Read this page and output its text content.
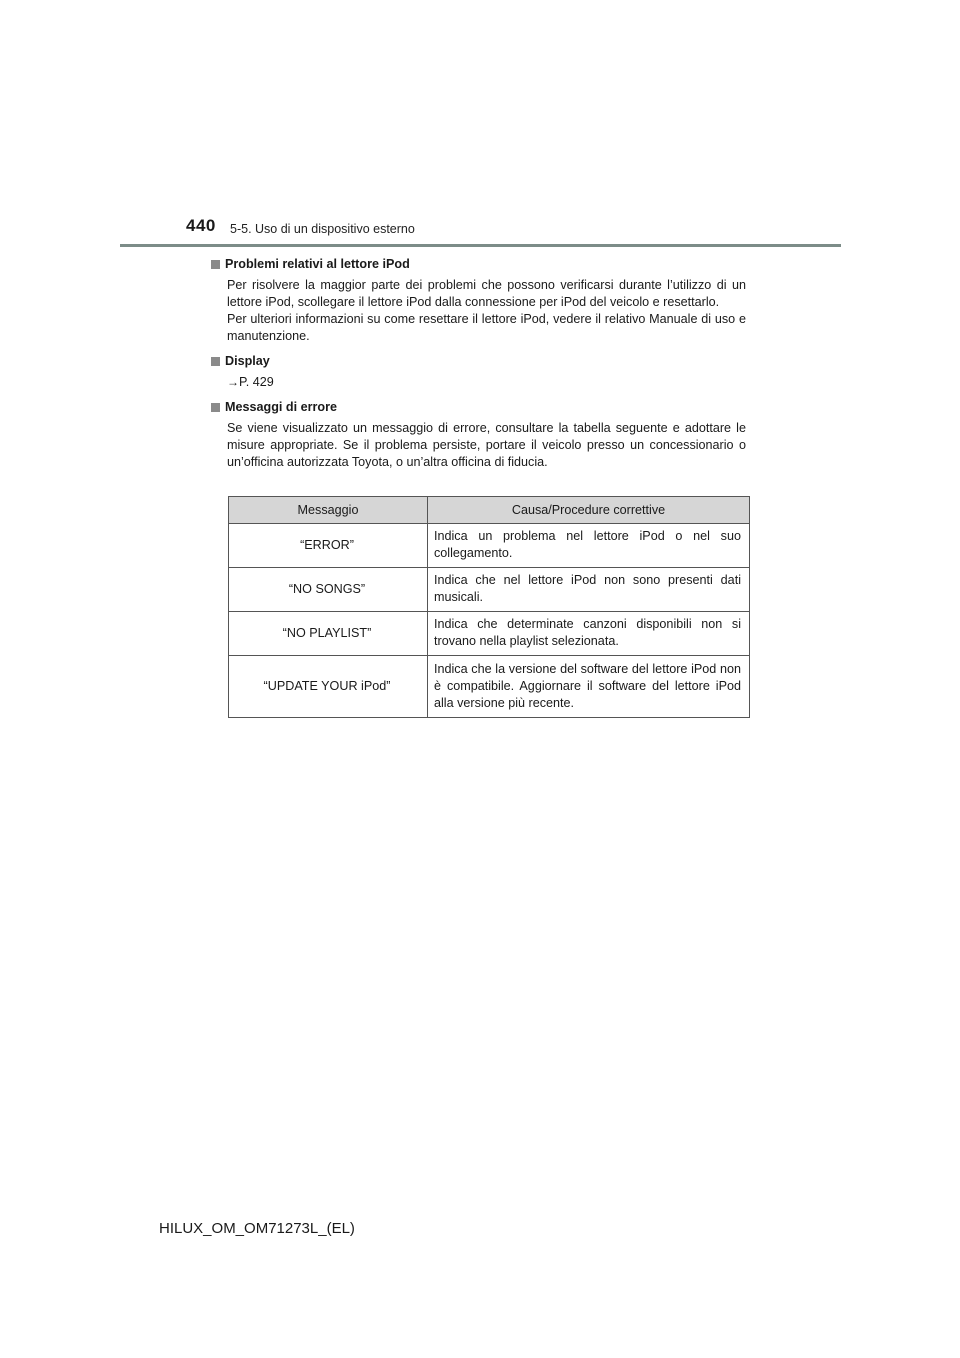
440 5-5. Uso di un dispositivo esterno
Problemi relativi al lettore iPod

Per risolvere la maggior parte dei problemi che possono verificarsi durante l’utilizzo di un lettore iPod, scollegare il lettore iPod dalla connessione per iPod del veicolo e resettarlo.

Per ulteriori informazioni su come resettare il lettore iPod, vedere il relativo Manuale di uso e manutenzione.

Display

→P. 429

Messaggi di errore

Se viene visualizzato un messaggio di errore, consultare la tabella seguente e adottare le misure appropriate. Se il problema persiste, portare il veicolo presso un concessionario o un’officina autorizzata Toyota, o un’altra officina di fiducia.

Messaggio	Causa/Procedure correttive
“ERROR”	Indica un problema nel lettore iPod o nel suo collegamento.
“NO SONGS”	Indica che nel lettore iPod non sono presenti dati musicali.
“NO PLAYLIST”	Indica che determinate canzoni disponibili non si trovano nella playlist selezionata.
“UPDATE YOUR iPod”	Indica che la versione del software del lettore iPod non è compatibile. Aggiornare il software del lettore iPod alla versione più recente.
HILUX_OM_OM71273L_(EL)
